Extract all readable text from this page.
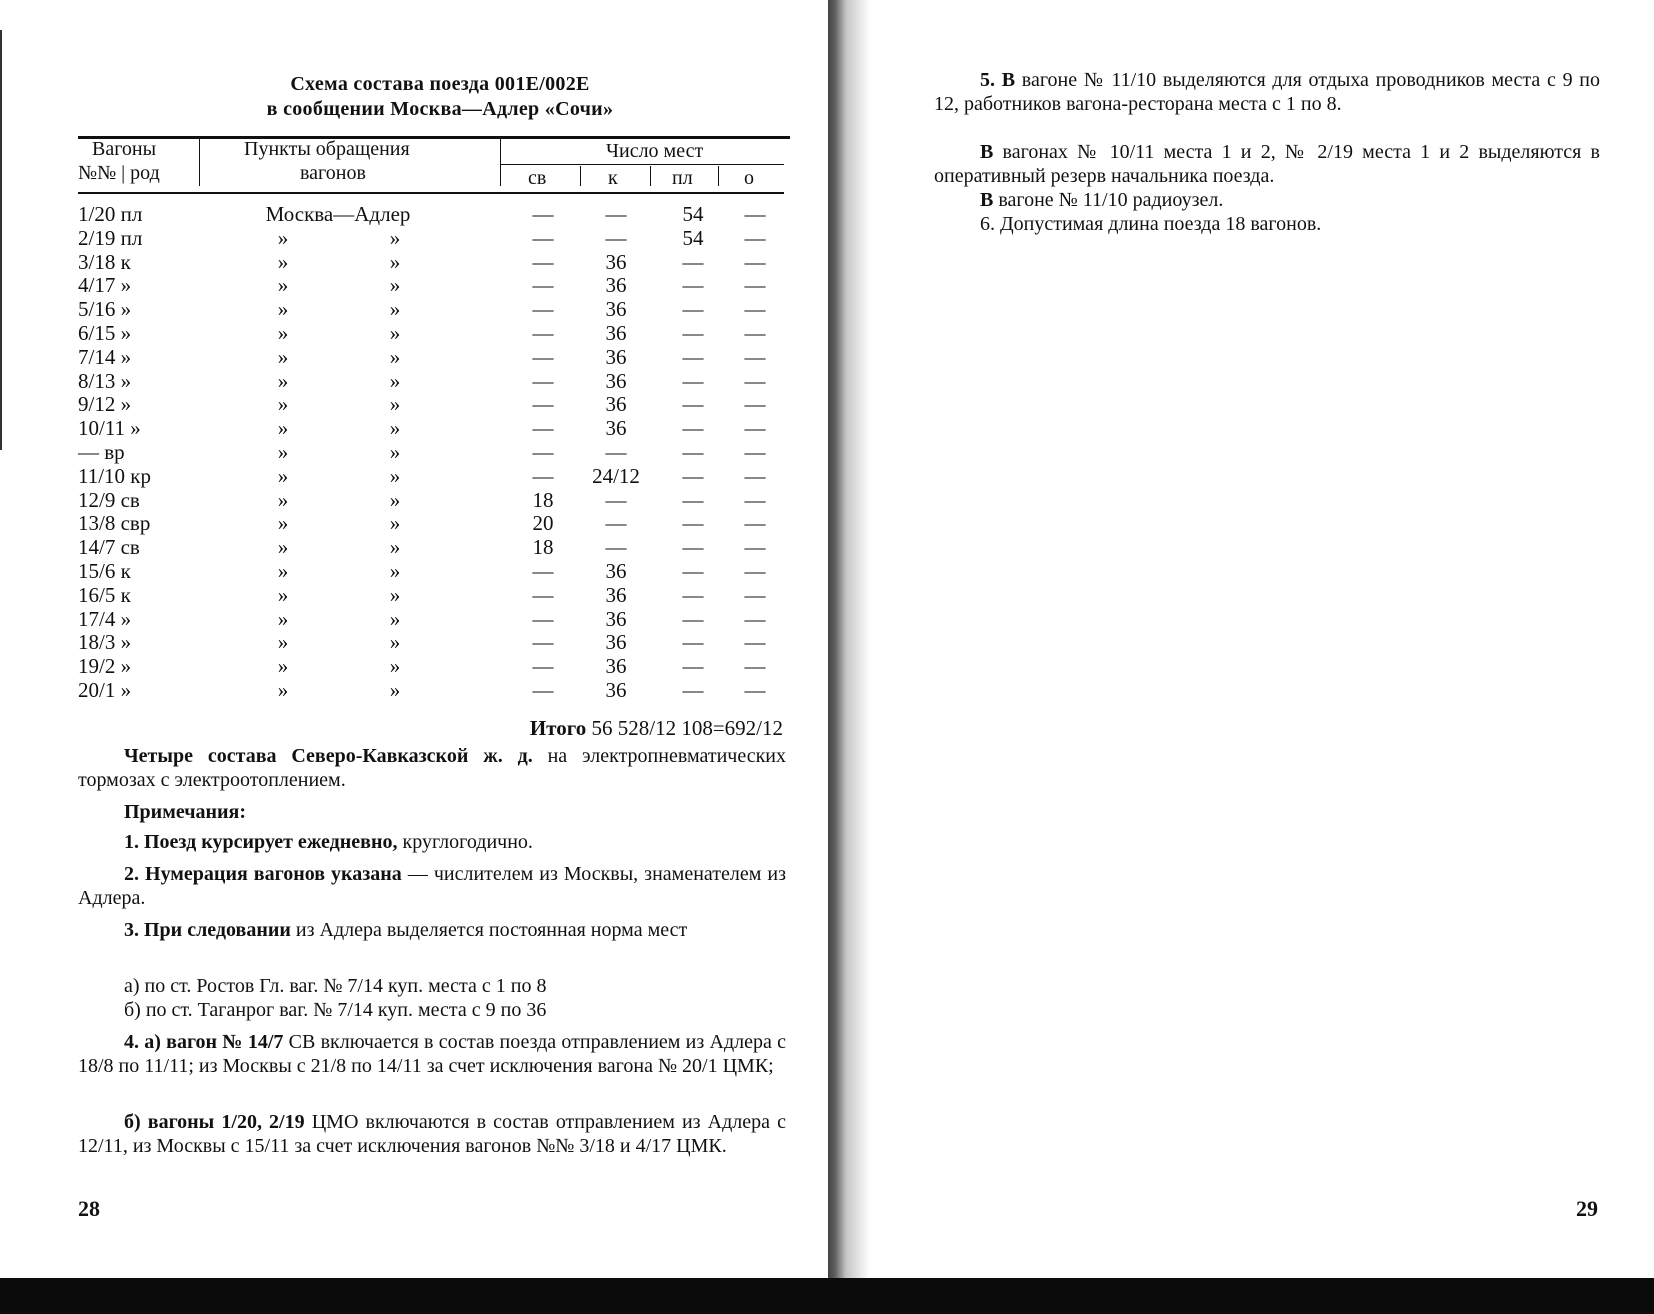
Схема состава поезда 001Е/002Е
в сообщении Москва—Адлер «Сочи»
Вагоны
№№ | род
Пункты обращения
вагонов
Число мест
св	к	пл	о
1/20 пл	Москва—Адлер	—	—	54	—
2/19 пл	»	»	—	—	54	—
3/18 к	»	»	—	36	—	—
4/17 »	»	»	—	36	—	—
5/16 »	»	»	—	36	—	—
6/15 »	»	»	—	36	—	—
7/14 »	»	»	—	36	—	—
8/13 »	»	»	—	36	—	—
9/12 »	»	»	—	36	—	—
10/11 »	»	»	—	36	—	—
— вр	»	»	—	—	—	—
11/10 кр	»	»	—	24/12	—	—
12/9 св	»	»	18	—	—	—
13/8 свр	»	»	20	—	—	—
14/7 св	»	»	18	—	—	—
15/6 к	»	»	—	36	—	—
16/5 к	»	»	—	36	—	—
17/4 »	»	»	—	36	—	—
18/3 »	»	»	—	36	—	—
19/2 »	»	»	—	36	—	—
20/1 »	»	»	—	36	—	—
Итого 56 528/12 108=692/12
Четыре состава Северо-Кавказской ж. д. на электропневматических тормозах с электроотоплением.
Примечания:
1. Поезд курсирует ежедневно, круглогодично.
2. Нумерация вагонов указана — числителем из Москвы, знаменателем из Адлера.
3. При следовании из Адлера выделяется постоянная норма мест
а) по ст. Ростов Гл. ваг. № 7/14 куп. места с 1 по 8
б) по ст. Таганрог ваг. № 7/14 куп. места с 9 по 36
4. а) вагон № 14/7 СВ включается в состав поезда отправлением из Адлера с 18/8 по 11/11; из Москвы с 21/8 по 14/11 за счет исключения вагона № 20/1 ЦМК;
б) вагоны 1/20, 2/19 ЦМО включаются в состав отправлением из Адлера с 12/11, из Москвы с 15/11 за счет исключения вагонов №№ 3/18 и 4/17 ЦМК.
28
5. В вагоне № 11/10 выделяются для отдыха проводников места с 9 по 12, работников вагона-ресторана места с 1 по 8.
В вагонах № 10/11 места 1 и 2, № 2/19 места 1 и 2 выделяются в оперативный резерв начальника поезда.
В вагоне № 11/10 радиоузел.
6. Допустимая длина поезда 18 вагонов.
29
